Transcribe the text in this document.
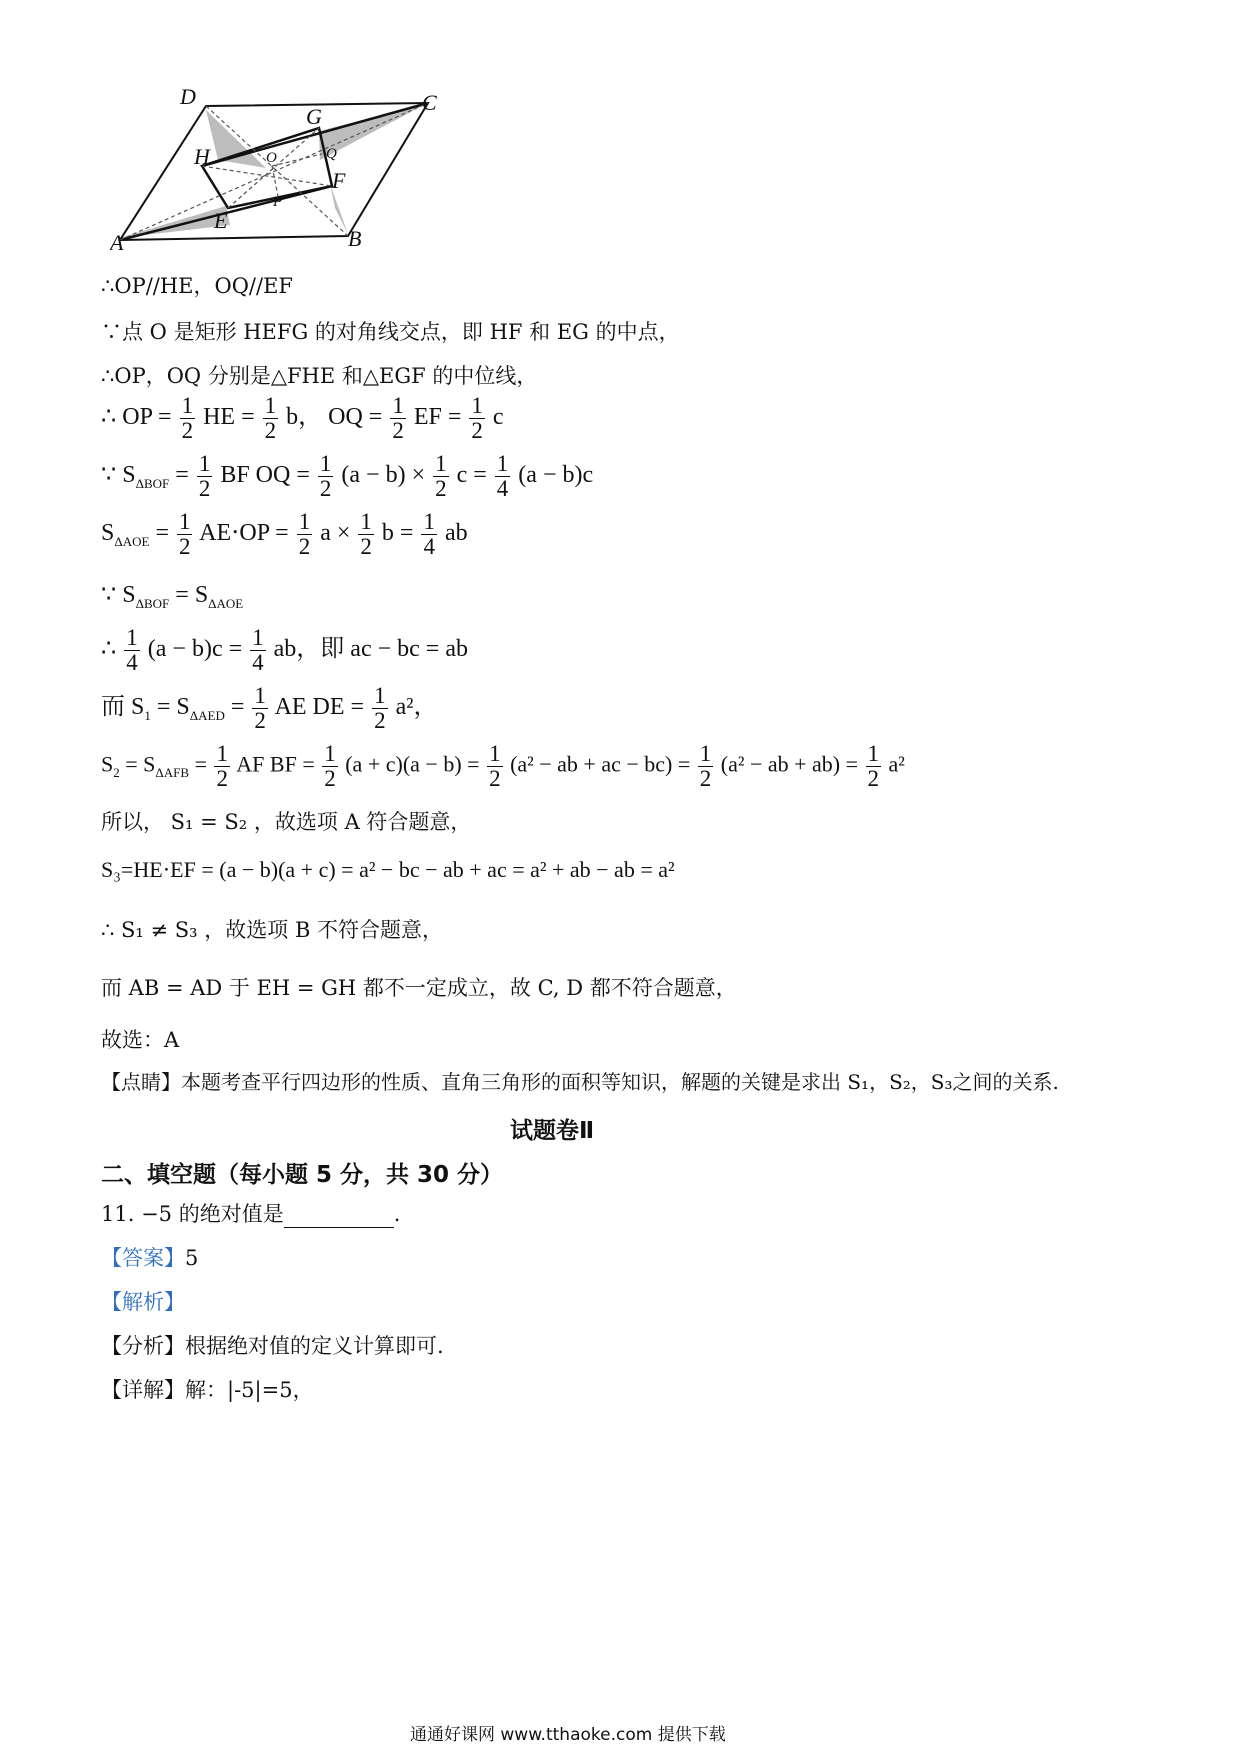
D	C
G
H	O	Q
F
P
E
A	B
∴OP//HE，OQ//EF
∵点 O 是矩形 HEFG 的对角线交点，即 HF 和 EG 的中点，
∴OP，OQ 分别是△FHE 和△EGF 的中位线，
∴ OP = $\frac{1}{2}$ HE = $\frac{1}{2}$ b， OQ = $\frac{1}{2}$ EF = $\frac{1}{2}$ c
∵ $S_{\Delta BOF} = \frac{1}{2}$ BF OQ = $\frac{1}{2} (a - b) \times \frac{1}{2}$ $c = \frac{1}{4} (a - b)c$
$S_{\Delta AOE} = \frac{1}{2} AE\cdot OP = \frac{1}{2}$ $a \times \frac{1}{2}$ $b = \frac{1}{4}$ ab
∵ $S_{\Delta BOF} = S_{\Delta AOE}$
∴ $\frac{1}{4} (a - b)c = \frac{1}{4}$ ab，即 ac − bc = ab
而 $S_1 = S_{\Delta AED} = \frac{1}{2}$ AE DE = $\frac{1}{2} a^2$，
$S_2 = S_{\Delta AFB} = \frac{1}{2}$ AF BF = $\frac{1}{2} (a + c)(a - b) = \frac{1}{2} (a^2$ − ab + ac − $bc) = \frac{1}{2} (a^2$ − ab + $ab) = \frac{1}{2} a^2$
所以， S₁ = S₂ ，故选项 A 符合题意，
S₃=HE⋅EF = (a − b)(a + c) = a² − bc − ab + ac = a² + ab − ab = a²
∴ S₁ ≠ S₃ ，故选项 B 不符合题意，
而 AB = AD 于 EH = GH 都不一定成立，故 C, D 都不符合题意，
故选：A
【点睛】本题考查平行四边形的性质、直角三角形的面积等知识，解题的关键是求出 S₁，S₂，S₃之间的关系.
试题卷Ⅱ
二、填空题（每小题 5 分，共 30 分）
11. −5 的绝对值是	.
【答案】5
【解析】
【分析】根据绝对值的定义计算即可.
【详解】解：|-5|=5，
通通好课网 www.tthaoke.com 提供下载
